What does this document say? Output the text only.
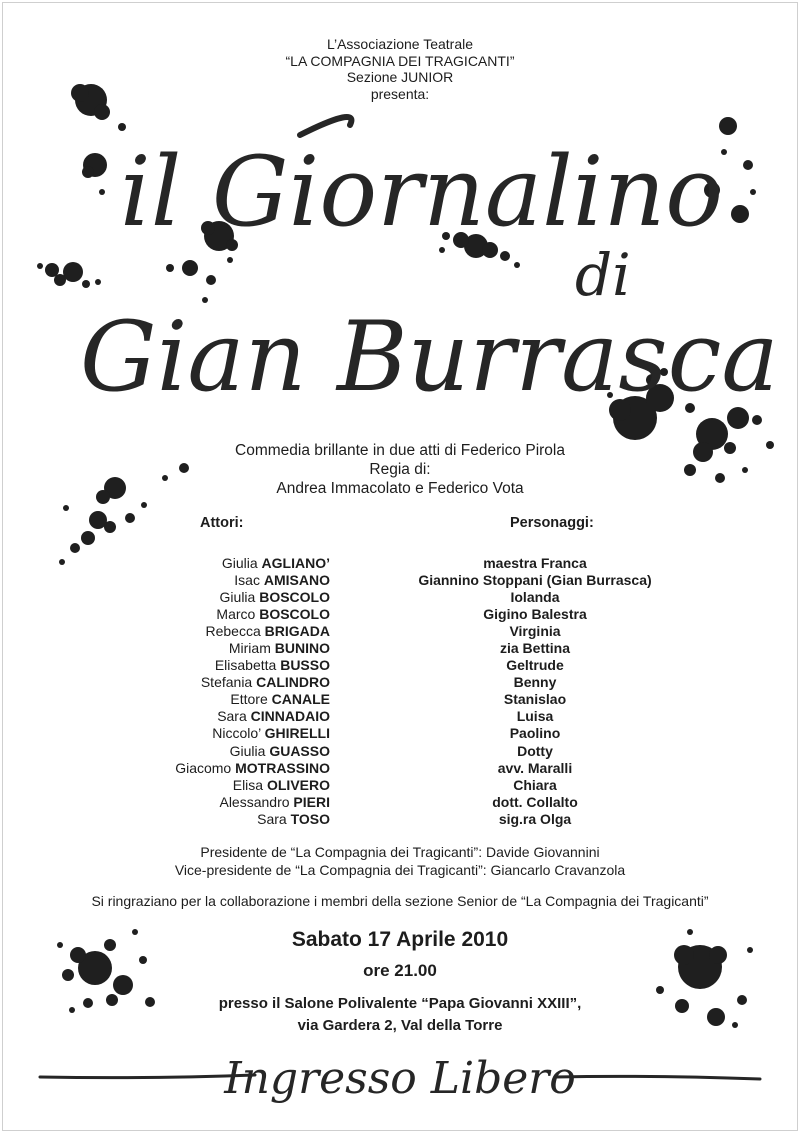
L’Associazione Teatrale
“LA COMPAGNIA DEI TRAGICANTI”
Sezione JUNIOR
presenta:
il Giornalino
di
Gian Burrasca
Commedia brillante in due atti di Federico Pirola
Regia di:
Andrea Immacolato e Federico Vota
Attori:	Personaggi:
Giulia AGLIANO’
Isac AMISANO
Giulia BOSCOLO
Marco BOSCOLO
Rebecca BRIGADA
Miriam BUNINO
Elisabetta BUSSO
Stefania CALINDRO
Ettore CANALE
Sara CINNADAIO
Niccolo’ GHIRELLI
Giulia GUASSO
Giacomo MOTRASSINO
Elisa OLIVERO
Alessandro PIERI
Sara TOSO
maestra Franca
Giannino Stoppani (Gian Burrasca)
Iolanda
Gigino Balestra
Virginia
zia Bettina
Geltrude
Benny
Stanislao
Luisa
Paolino
Dotty
avv. Maralli
Chiara
dott. Collalto
sig.ra Olga
Presidente de “La Compagnia dei Tragicanti”: Davide Giovannini
Vice-presidente de “La Compagnia dei Tragicanti”: Giancarlo Cravanzola
Si ringraziano per la collaborazione i membri della sezione Senior de “La Compagnia dei Tragicanti”
Sabato 17 Aprile 2010
ore 21.00
presso il Salone Polivalente “Papa Giovanni XXIII”,
via Gardera 2, Val della Torre
Ingresso Libero
